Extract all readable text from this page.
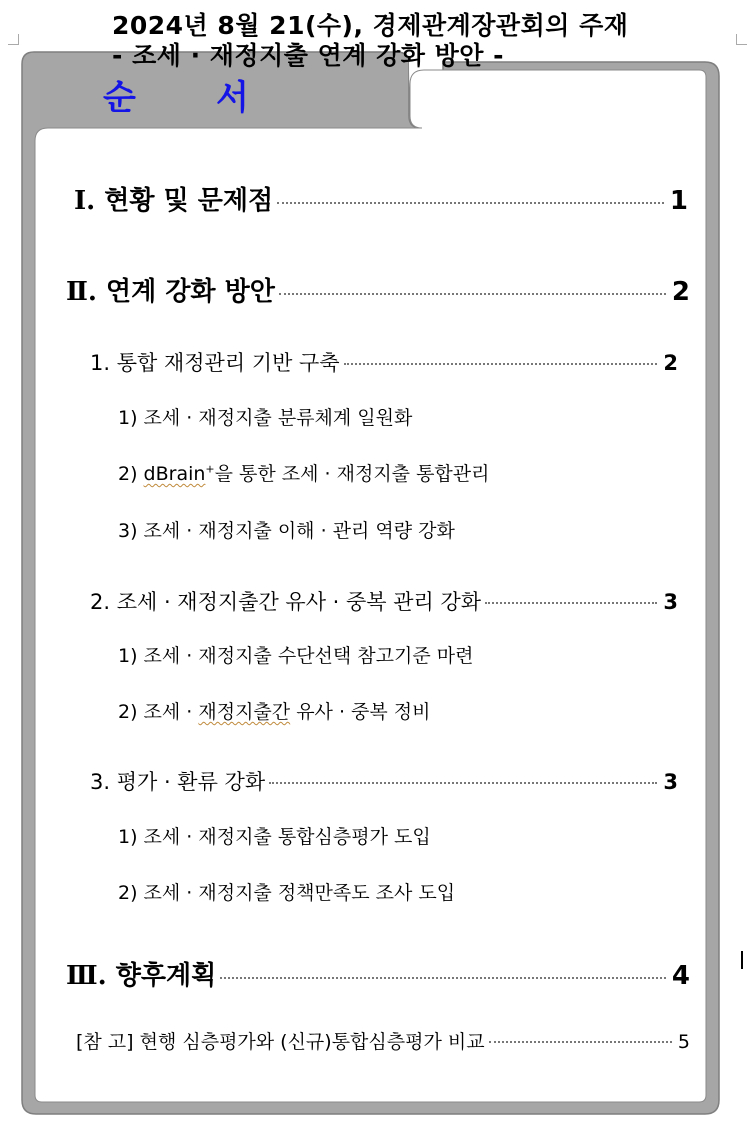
2024년 8월 21(수), 경제관계장관회의 주재
- 조세 · 재정지출 연계 강화 방안 -
순 서
Ⅰ. 현황 및 문제점	1
Ⅱ. 연계 강화 방안	2
1. 통합 재정관리 기반 구축	2
1) 조세 · 재정지출 분류체계 일원화
2) dBrain+을 통한 조세 · 재정지출 통합관리
3) 조세 · 재정지출 이해 · 관리 역량 강화
2. 조세 · 재정지출간 유사 · 중복 관리 강화	3
1) 조세 · 재정지출 수단선택 참고기준 마련
2) 조세 · 재정지출간 유사 · 중복 정비
3. 평가 · 환류 강화	3
1) 조세 · 재정지출 통합심층평가 도입
2) 조세 · 재정지출 정책만족도 조사 도입
Ⅲ. 향후계획	4
[참 고] 현행 심층평가와 (신규)통합심층평가 비교	5
